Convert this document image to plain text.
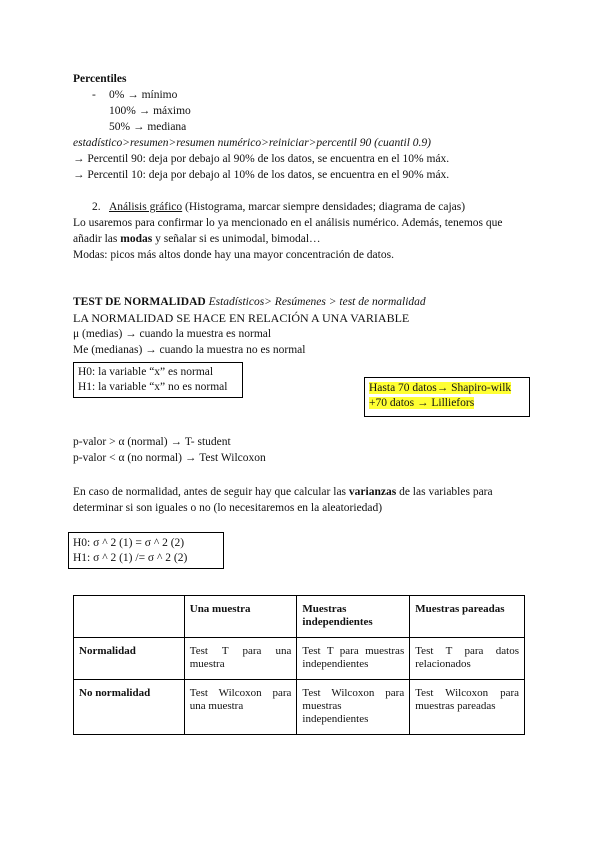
Percentiles
- 0% → mínimo
100% → máximo
50% → mediana
estadístico>resumen>resumen numérico>reiniciar>percentil 90 (cuantil 0.9)
→ Percentil 90: deja por debajo al 90% de los datos, se encuentra en el 10% máx.
→ Percentil 10: deja por debajo al 10% de los datos, se encuentra en el 90% máx.
2. Análisis gráfico (Histograma, marcar siempre densidades; diagrama de cajas)
Lo usaremos para confirmar lo ya mencionado en el análisis numérico. Además, tenemos que
añadir las modas y señalar si es unimodal, bimodal…
Modas: picos más altos donde hay una mayor concentración de datos.
TEST DE NORMALIDAD Estadísticos> Resúmenes > test de normalidad
LA NORMALIDAD SE HACE EN RELACIÓN A UNA VARIABLE
μ (medias) → cuando la muestra es normal
Me (medianas) → cuando la muestra no es normal
H0: la variable “x” es normal
H1: la variable “x” no es normal	Hasta 70 datos→ Shapiro-wilk
+70 datos → Lilliefors
p-valor > α (normal) → T- student
p-valor < α (no normal) → Test Wilcoxon
En caso de normalidad, antes de seguir hay que calcular las varianzas de las variables para
determinar si son iguales o no (lo necesitaremos en la aleatoriedad)
H0: σ ^ 2 (1) = σ ^ 2 (2)
H1: σ ^ 2 (1) /= σ ^ 2 (2)
	Una muestra	Muestras independientes	Muestras pareadas
Normalidad	Test T para una muestra	Test T para muestras independientes	Test T para datos relacionados
No normalidad	Test Wilcoxon para una muestra	Test Wilcoxon para muestras independientes	Test Wilcoxon para muestras pareadas
